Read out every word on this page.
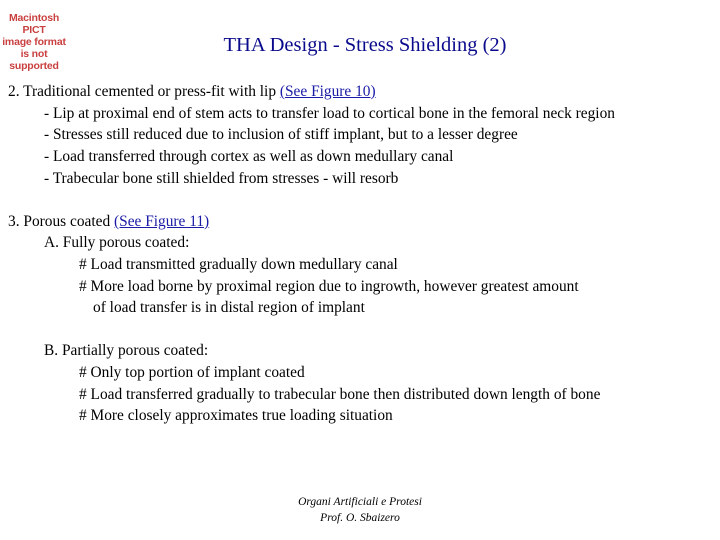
Macintosh PICT
image format
is not supported
THA Design - Stress Shielding (2)
2. Traditional cemented or press-fit with lip (See Figure 10)
- Lip at proximal end of stem acts to transfer load to cortical bone in the femoral neck region
- Stresses still reduced due to inclusion of stiff implant, but to a lesser degree
- Load transferred through cortex as well as down medullary canal
- Trabecular bone still shielded from stresses - will resorb
3. Porous coated (See Figure 11)
A. Fully porous coated:
# Load transmitted gradually down medullary canal
# More load borne by proximal region due to ingrowth, however greatest amount
of load transfer is in distal region of implant
B. Partially porous coated:
# Only top portion of implant coated
# Load transferred gradually to trabecular bone then distributed down length of bone
# More closely approximates true loading situation
Organi Artificiali e Protesi
Prof. O. Sbaizero
